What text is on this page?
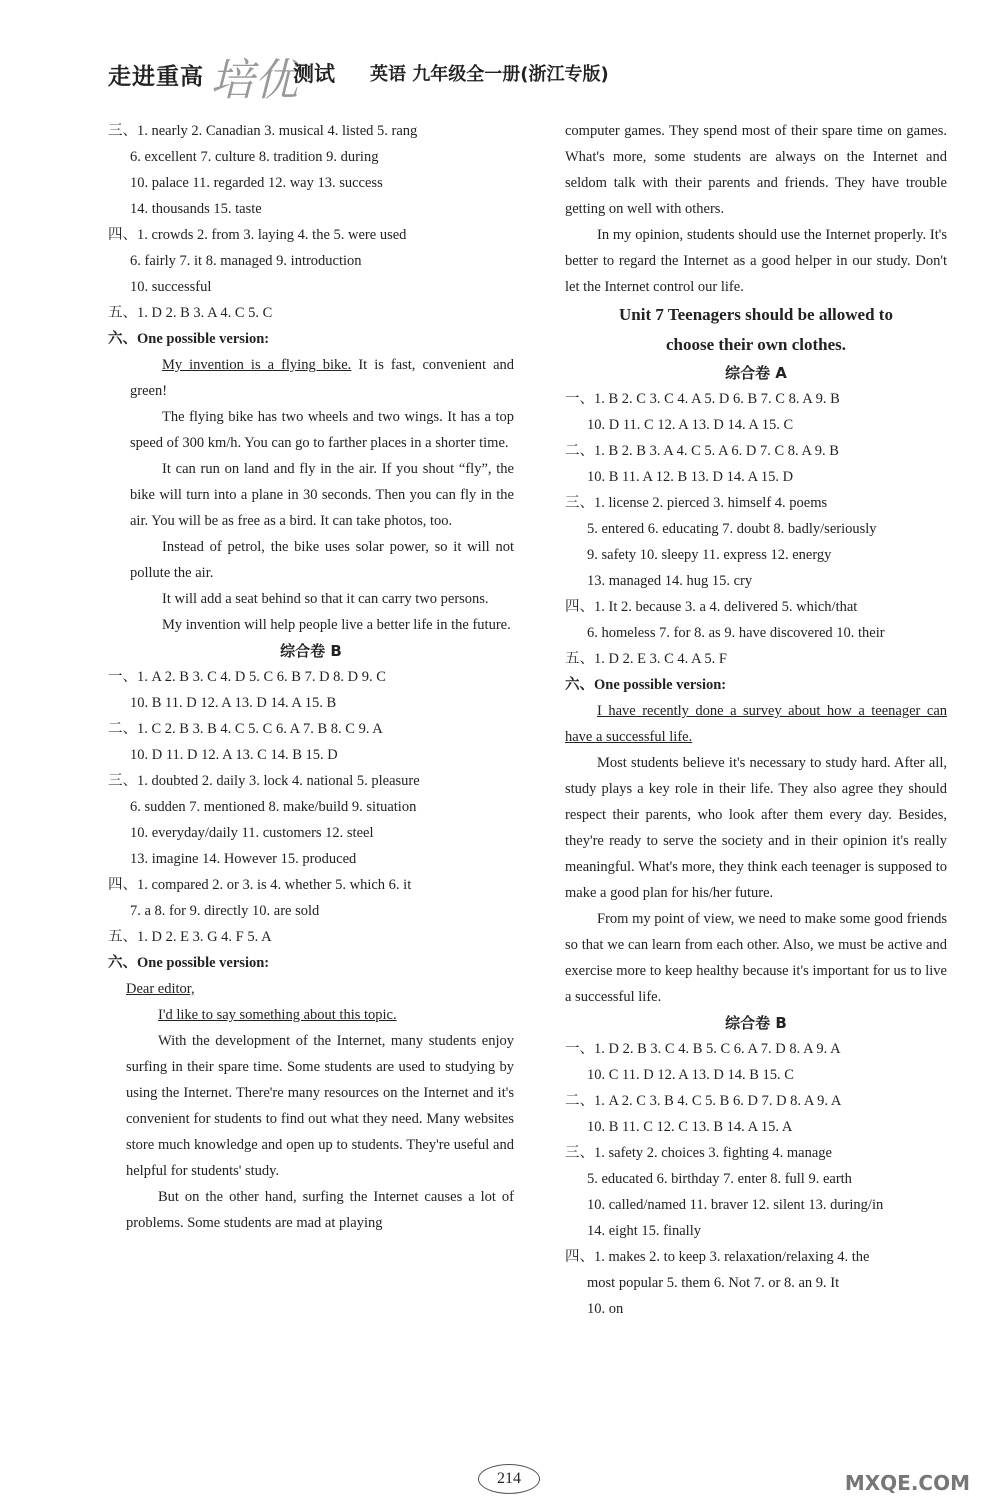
走进重高 培优
测试 英语 九年级全一册(浙江专版)
三、1. nearly 2. Canadian 3. musical 4. listed 5. rang
6. excellent 7. culture 8. tradition 9. during
10. palace 11. regarded 12. way 13. success
14. thousands 15. taste
四、1. crowds 2. from 3. laying 4. the 5. were used
6. fairly 7. it 8. managed 9. introduction
10. successful
五、1. D 2. B 3. A 4. C 5. C
六、One possible version:
My invention is a flying bike. It is fast, convenient and green!
The flying bike has two wheels and two wings. It has a top speed of 300 km/h. You can go to farther places in a shorter time.
It can run on land and fly in the air. If you shout “fly”, the bike will turn into a plane in 30 seconds. Then you can fly in the air. You will be as free as a bird. It can take photos, too.
Instead of petrol, the bike uses solar power, so it will not pollute the air.
It will add a seat behind so that it can carry two persons.
My invention will help people live a better life in the future.
综合卷 B
一、1. A 2. B 3. C 4. D 5. C 6. B 7. D 8. D 9. C
10. B 11. D 12. A 13. D 14. A 15. B
二、1. C 2. B 3. B 4. C 5. C 6. A 7. B 8. C 9. A
10. D 11. D 12. A 13. C 14. B 15. D
三、1. doubted 2. daily 3. lock 4. national 5. pleasure
6. sudden 7. mentioned 8. make/build 9. situation
10. everyday/daily 11. customers 12. steel
13. imagine 14. However 15. produced
四、1. compared 2. or 3. is 4. whether 5. which 6. it
7. a 8. for 9. directly 10. are sold
五、1. D 2. E 3. G 4. F 5. A
六、One possible version:
Dear editor,
I'd like to say something about this topic.
With the development of the Internet, many students enjoy surfing in their spare time. Some students are used to studying by using the Internet. There're many resources on the Internet and it's convenient for students to find out what they need. Many websites store much knowledge and open up to students. They're useful and helpful for students' study.
But on the other hand, surfing the Internet causes a lot of problems. Some students are mad at playing
computer games. They spend most of their spare time on games. What's more, some students are always on the Internet and seldom talk with their parents and friends. They have trouble getting on well with others.
In my opinion, students should use the Internet properly. It's better to regard the Internet as a good helper in our study. Don't let the Internet control our life.
Unit 7 Teenagers should be allowed to
choose their own clothes.
综合卷 A
一、1. B 2. C 3. C 4. A 5. D 6. B 7. C 8. A 9. B
10. D 11. C 12. A 13. D 14. A 15. C
二、1. B 2. B 3. A 4. C 5. A 6. D 7. C 8. A 9. B
10. B 11. A 12. B 13. D 14. A 15. D
三、1. license 2. pierced 3. himself 4. poems
5. entered 6. educating 7. doubt 8. badly/seriously
9. safety 10. sleepy 11. express 12. energy
13. managed 14. hug 15. cry
四、1. It 2. because 3. a 4. delivered 5. which/that
6. homeless 7. for 8. as 9. have discovered 10. their
五、1. D 2. E 3. C 4. A 5. F
六、One possible version:
I have recently done a survey about how a teenager can have a successful life.
Most students believe it's necessary to study hard. After all, study plays a key role in their life. They also agree they should respect their parents, who look after them every day. Besides, they're ready to serve the society and in their opinion it's really meaningful. What's more, they think each teenager is supposed to make a good plan for his/her future.
From my point of view, we need to make some good friends so that we can learn from each other. Also, we must be active and exercise more to keep healthy because it's important for us to live a successful life.
综合卷 B
一、1. D 2. B 3. C 4. B 5. C 6. A 7. D 8. A 9. A
10. C 11. D 12. A 13. D 14. B 15. C
二、1. A 2. C 3. B 4. C 5. B 6. D 7. D 8. A 9. A
10. B 11. C 12. C 13. B 14. A 15. A
三、1. safety 2. choices 3. fighting 4. manage
5. educated 6. birthday 7. enter 8. full 9. earth
10. called/named 11. braver 12. silent 13. during/in
14. eight 15. finally
四、1. makes 2. to keep 3. relaxation/relaxing 4. the
most popular 5. them 6. Not 7. or 8. an 9. It
10. on
214	MXQE.COM
